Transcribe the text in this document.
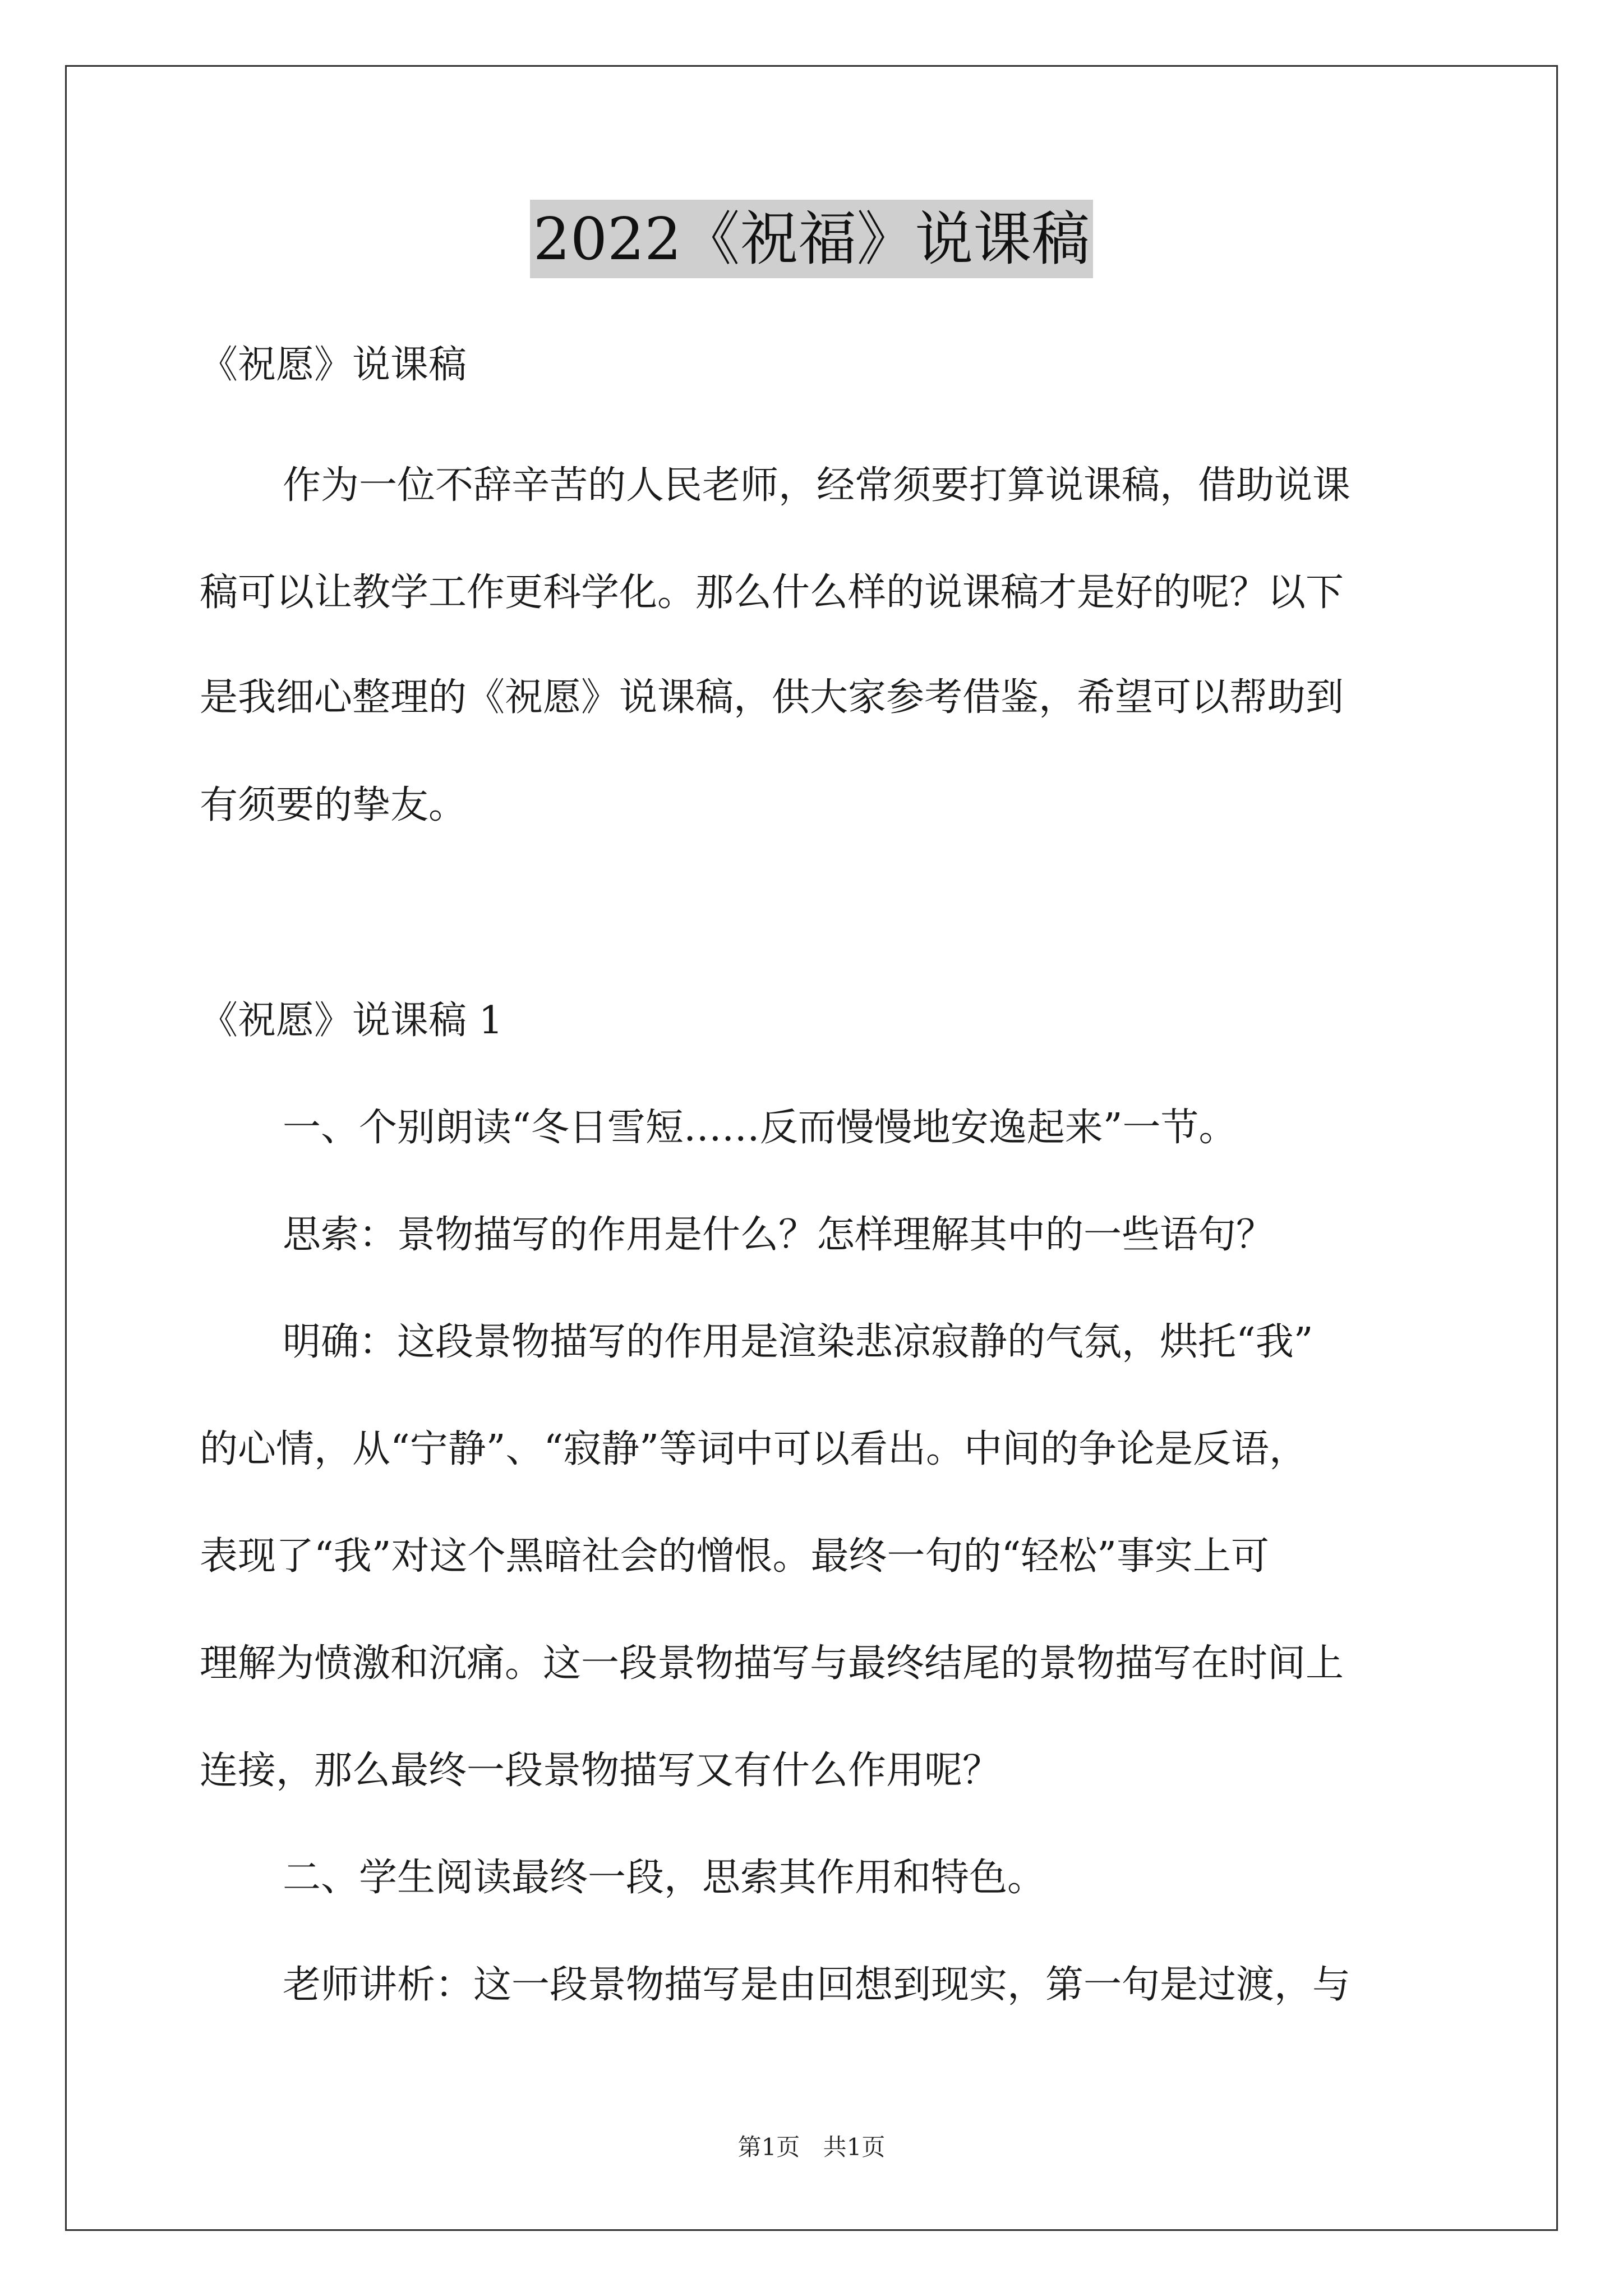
2022《祝福》说课稿
《祝愿》说课稿
作为一位不辞辛苦的人民老师，经常须要打算说课稿，借助说课
稿可以让教学工作更科学化。那么什么样的说课稿才是好的呢？以下
是我细心整理的《祝愿》说课稿，供大家参考借鉴，希望可以帮助到
有须要的挚友。
《祝愿》说课稿 1
一、个别朗读“冬日雪短……反而慢慢地安逸起来”一节。
思索：景物描写的作用是什么？怎样理解其中的一些语句？
明确：这段景物描写的作用是渲染悲凉寂静的气氛，烘托“我”
的心情，从“宁静”、“寂静”等词中可以看出。中间的争论是反语，
表现了“我”对这个黑暗社会的憎恨。最终一句的“轻松”事实上可
理解为愤激和沉痛。这一段景物描写与最终结尾的景物描写在时间上
连接，那么最终一段景物描写又有什么作用呢？
二、学生阅读最终一段，思索其作用和特色。
老师讲析：这一段景物描写是由回想到现实，第一句是过渡，与
第1页 共1页
